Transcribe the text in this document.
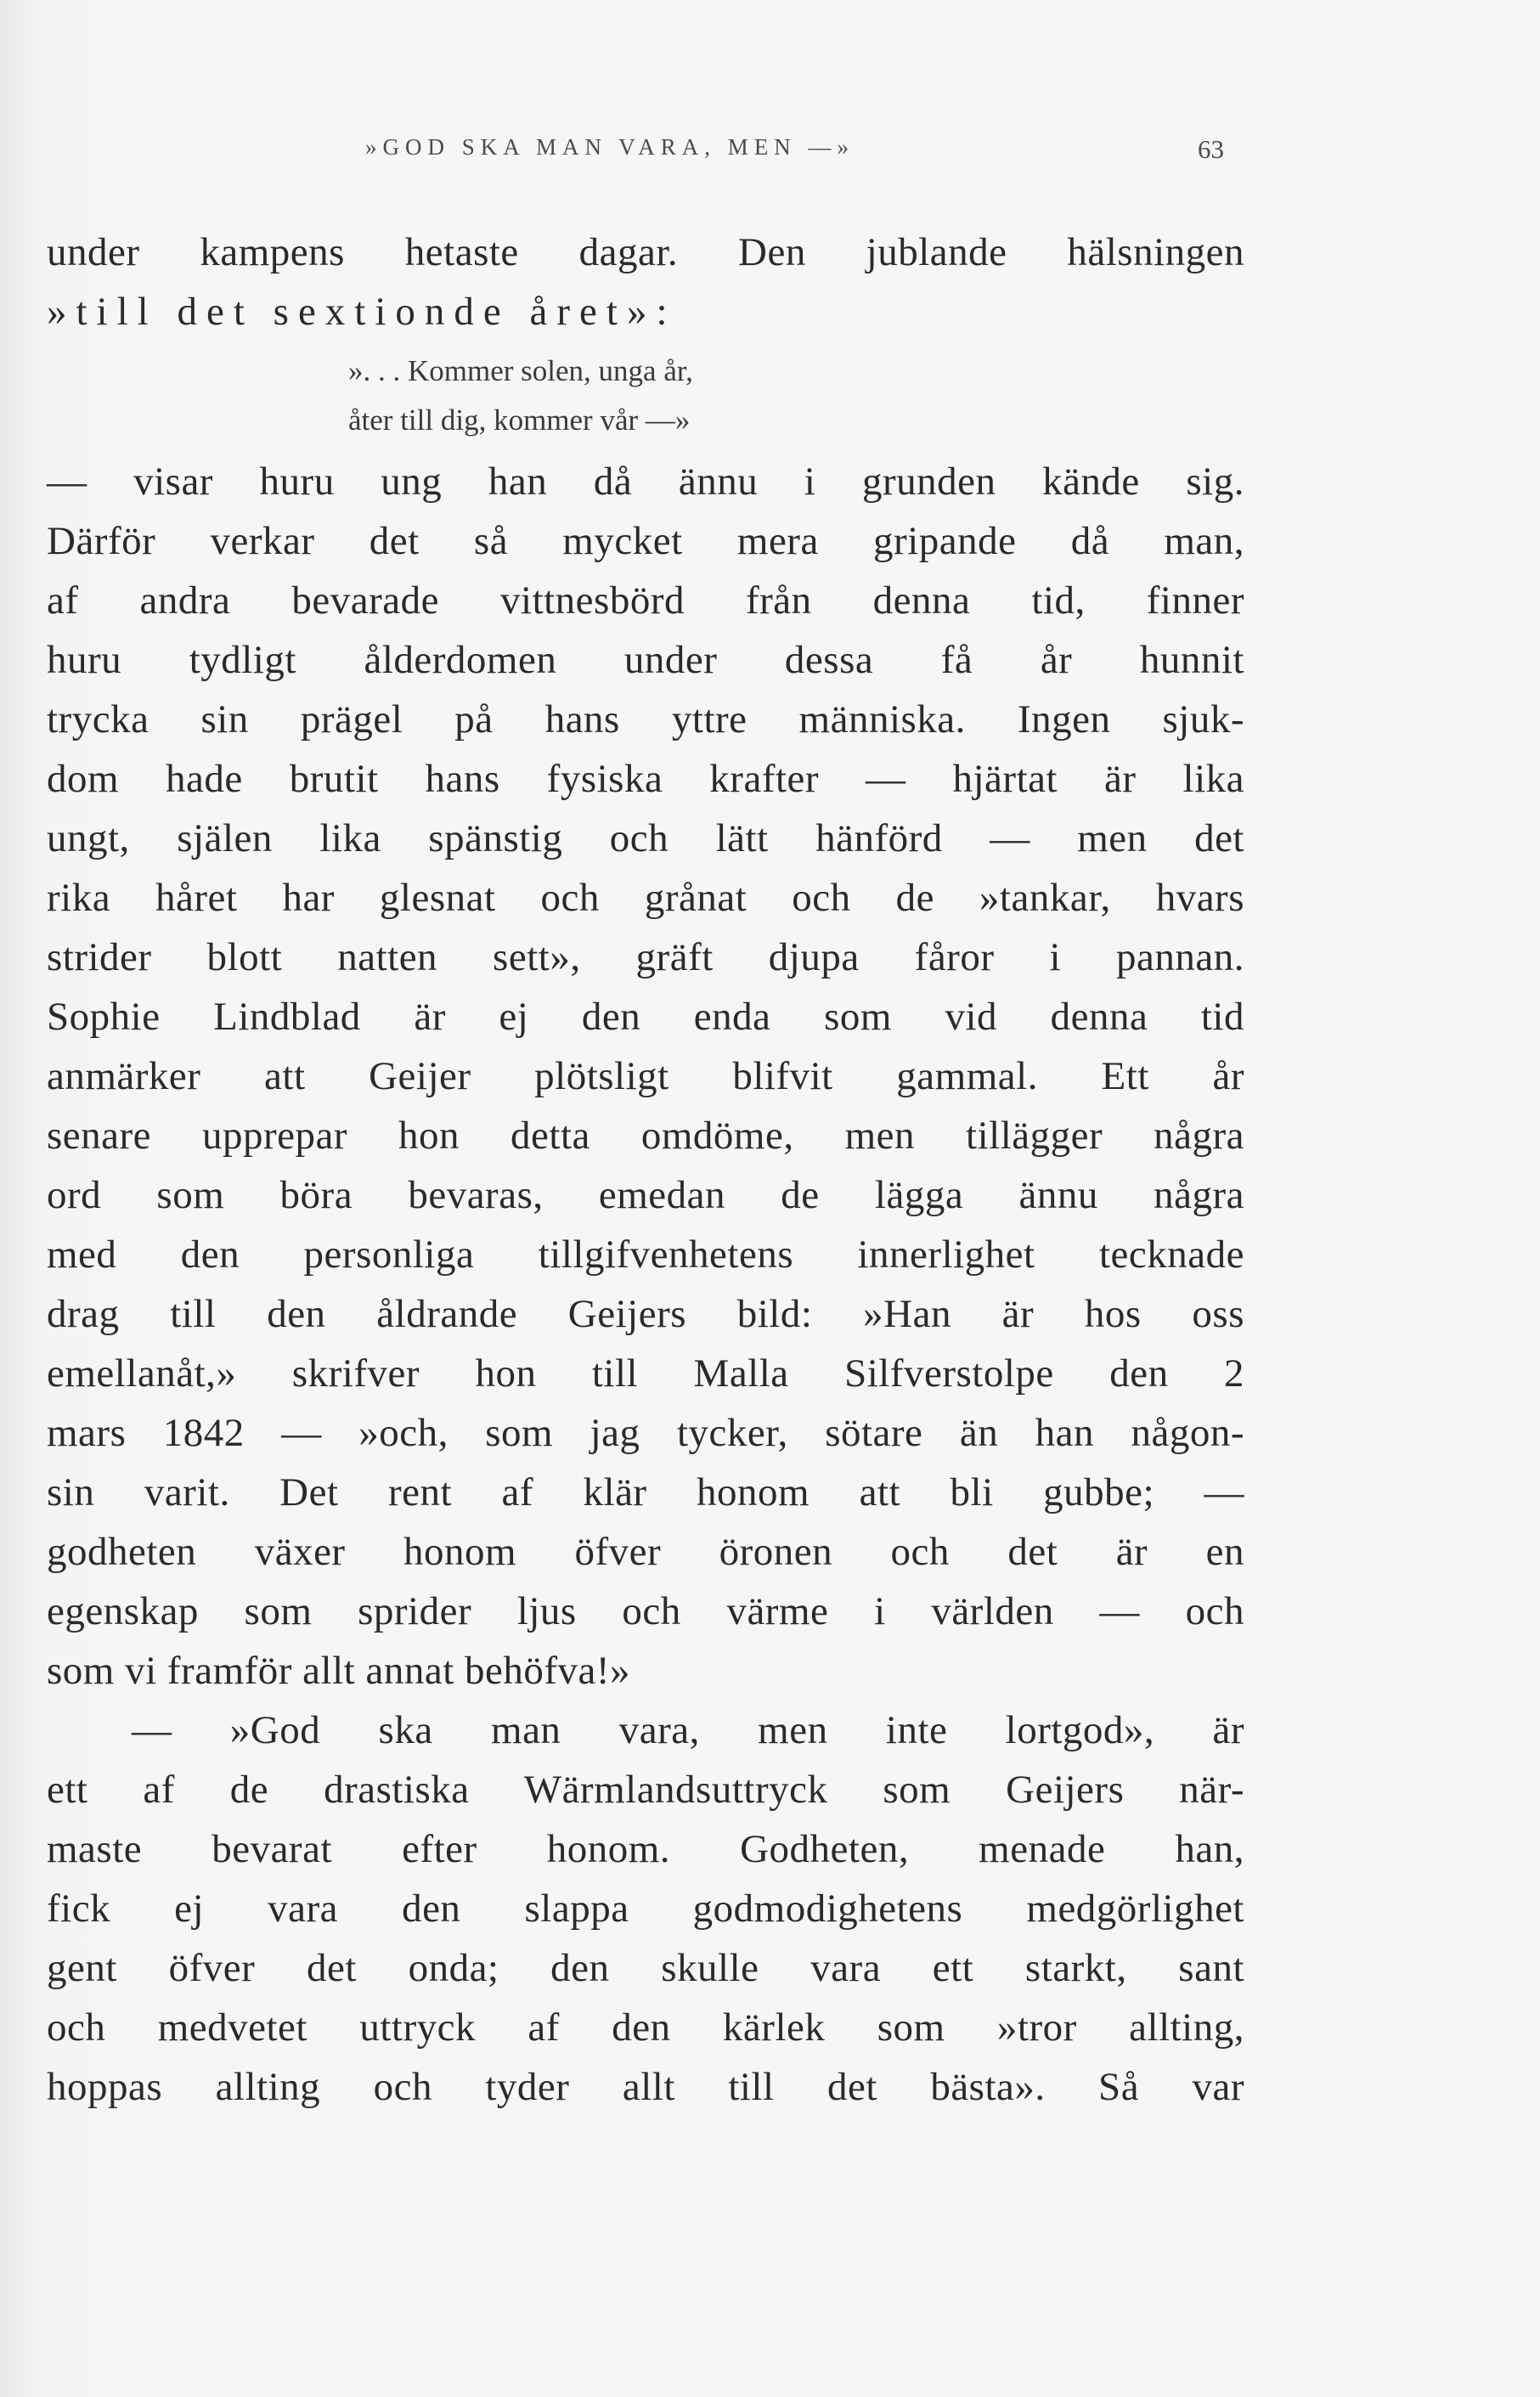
»GOD SKA MAN VARA, MEN —»	63
under kampens hetaste dagar. Den jublande hälsningen
»till det sextionde året»:
». . . Kommer solen, unga år,
åter till dig, kommer vår —»
— visar huru ung han då ännu i grunden kände sig.
Därför verkar det så mycket mera gripande då man,
af andra bevarade vittnesbörd från denna tid, finner
huru tydligt ålderdomen under dessa få år hunnit
trycka sin prägel på hans yttre människa. Ingen sjuk-
dom hade brutit hans fysiska krafter — hjärtat är lika
ungt, själen lika spänstig och lätt hänförd — men det
rika håret har glesnat och grånat och de »tankar, hvars
strider blott natten sett», gräft djupa fåror i pannan.
Sophie Lindblad är ej den enda som vid denna tid
anmärker att Geijer plötsligt blifvit gammal. Ett år
senare upprepar hon detta omdöme, men tillägger några
ord som böra bevaras, emedan de lägga ännu några
med den personliga tillgifvenhetens innerlighet tecknade
drag till den åldrande Geijers bild: »Han är hos oss
emellanåt,» skrifver hon till Malla Silfverstolpe den 2
mars 1842 — »och, som jag tycker, sötare än han någon-
sin varit. Det rent af klär honom att bli gubbe; —
godheten växer honom öfver öronen och det är en
egenskap som sprider ljus och värme i världen — och
som vi framför allt annat behöfva!»
— »God ska man vara, men inte lortgod», är
ett af de drastiska Wärmlandsuttryck som Geijers när-
maste bevarat efter honom. Godheten, menade han,
fick ej vara den slappa godmodighetens medgörlighet
gent öfver det onda; den skulle vara ett starkt, sant
och medvetet uttryck af den kärlek som »tror allting,
hoppas allting och tyder allt till det bästa». Så var
